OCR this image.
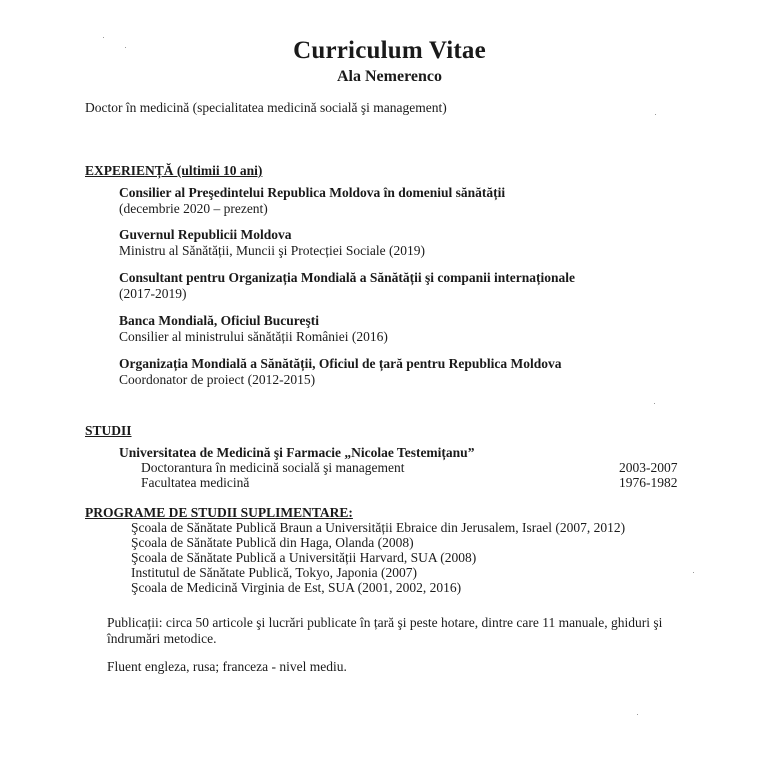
Curriculum Vitae
Ala Nemerenco
Doctor în medicină (specialitatea medicină socială şi management)
EXPERIENȚĂ (ultimii 10 ani)
Consilier al Preşedintelui Republica Moldova în domeniul sănătății
(decembrie 2020 – prezent)
Guvernul Republicii Moldova
Ministru al Sănătății, Muncii şi Protecției Sociale (2019)
Consultant pentru Organizația Mondială a Sănătății şi companii internaționale
(2017-2019)
Banca Mondială, Oficiul Bucureşti
Consilier al ministrului sănătății României (2016)
Organizația Mondială a Sănătății, Oficiul de țară pentru Republica Moldova
Coordonator de proiect (2012-2015)
STUDII
Universitatea de Medicină şi Farmacie „Nicolae Testemițanu”
Doctorantura în medicină socială şi management	2003-2007
Facultatea medicină	1976-1982
PROGRAME DE STUDII SUPLIMENTARE:
Şcoala de Sănătate Publică Braun a Universității Ebraice din Jerusalem, Israel (2007, 2012)
Şcoala de Sănătate Publică din Haga, Olanda (2008)
Şcoala de Sănătate Publică a Universității Harvard, SUA (2008)
Institutul de Sănătate Publică, Tokyo, Japonia (2007)
Şcoala de Medicină Virginia de Est, SUA (2001, 2002, 2016)
Publicații: circa 50 articole şi lucrări publicate în țară şi peste hotare, dintre care 11 manuale, ghiduri şi
îndrumări metodice.
Fluent engleza, rusa; franceza - nivel mediu.
